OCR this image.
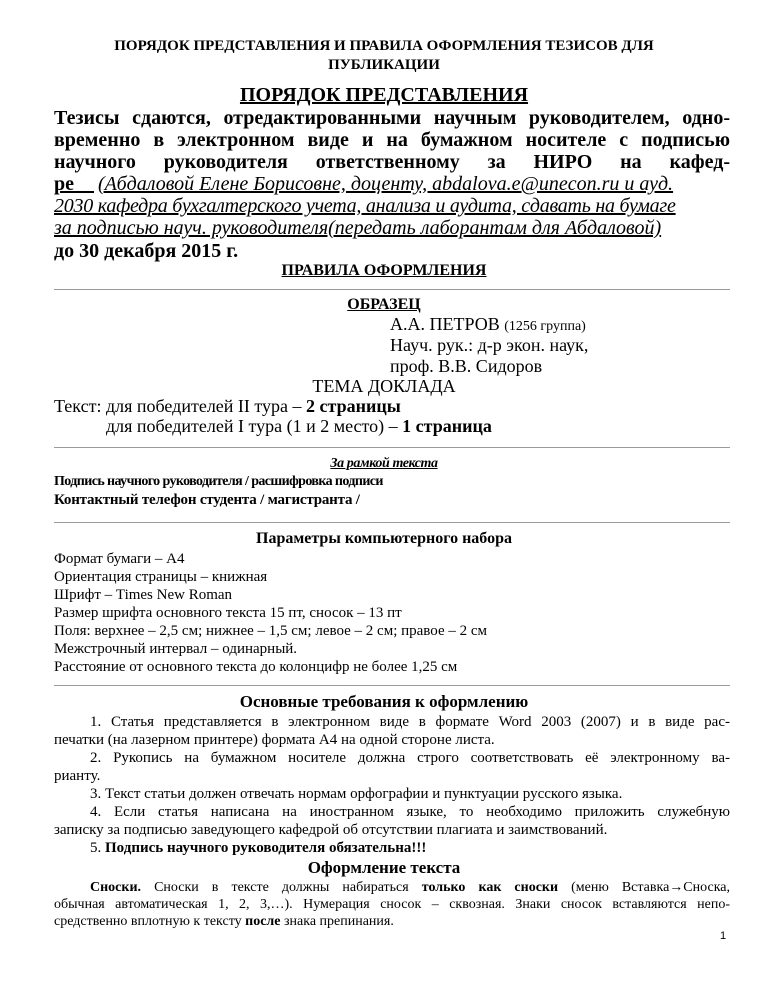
ПОРЯДОК ПРЕДСТАВЛЕНИЯ И ПРАВИЛА ОФОРМЛЕНИЯ ТЕЗИСОВ ДЛЯ
ПУБЛИКАЦИИ
ПОРЯДОК ПРЕДСТАВЛЕНИЯ
Тезисы сдаются, отредактированными научным руководителем, одно-
временно в электронном виде и на бумажном носителе с подписью
научного руководителя ответственному за НИРО на кафед-
ре (Абдаловой Елене Борисовне, доценту, abdalova.e@unecon.ru и ауд.
2030 кафедра бухгалтерского учета, анализа и аудита, сдавать на бумаге
за подписью науч. руководителя(передать лаборантам для Абдаловой)
до 30 декабря 2015 г.
ПРАВИЛА ОФОРМЛЕНИЯ
ОБРАЗЕЦ
А.А. ПЕТРОВ (1256 группа)
Науч. рук.: д-р экон. наук,
проф. В.В. Сидоров
ТЕМА ДОКЛАДА
Текст: для победителей II тура – 2 страницы
для победителей I тура (1 и 2 место) – 1 страница
За рамкой текста
Подпись научного руководителя / расшифровка подписи
Контактный телефон студента / магистранта /
Параметры компьютерного набора
Формат бумаги – А4
Ориентация страницы – книжная
Шрифт – Times New Roman
Размер шрифта основного текста 15 пт, сносок – 13 пт
Поля: верхнее – 2,5 см; нижнее – 1,5 см; левое – 2 см; правое – 2 см
Межстрочный интервал – одинарный.
Расстояние от основного текста до колонцифр не более 1,25 см
Основные требования к оформлению
1. Статья представляется в электронном виде в формате Word 2003 (2007) и в виде рас-
печатки (на лазерном принтере) формата А4 на одной стороне листа.
2. Рукопись на бумажном носителе должна строго соответствовать её электронному ва-
рианту.
3. Текст статьи должен отвечать нормам орфографии и пунктуации русского языка.
4. Если статья написана на иностранном языке, то необходимо приложить служебную
записку за подписью заведующего кафедрой об отсутствии плагиата и заимствований.
5. Подпись научного руководителя обязательна!!!
Оформление текста
Сноски. Сноски в тексте должны набираться только как сноски (меню Вставка→Сноска,
обычная автоматическая 1, 2, 3,…). Нумерация сносок – сквозная. Знаки сносок вставляются непо-
средственно вплотную к тексту после знака препинания.
1
